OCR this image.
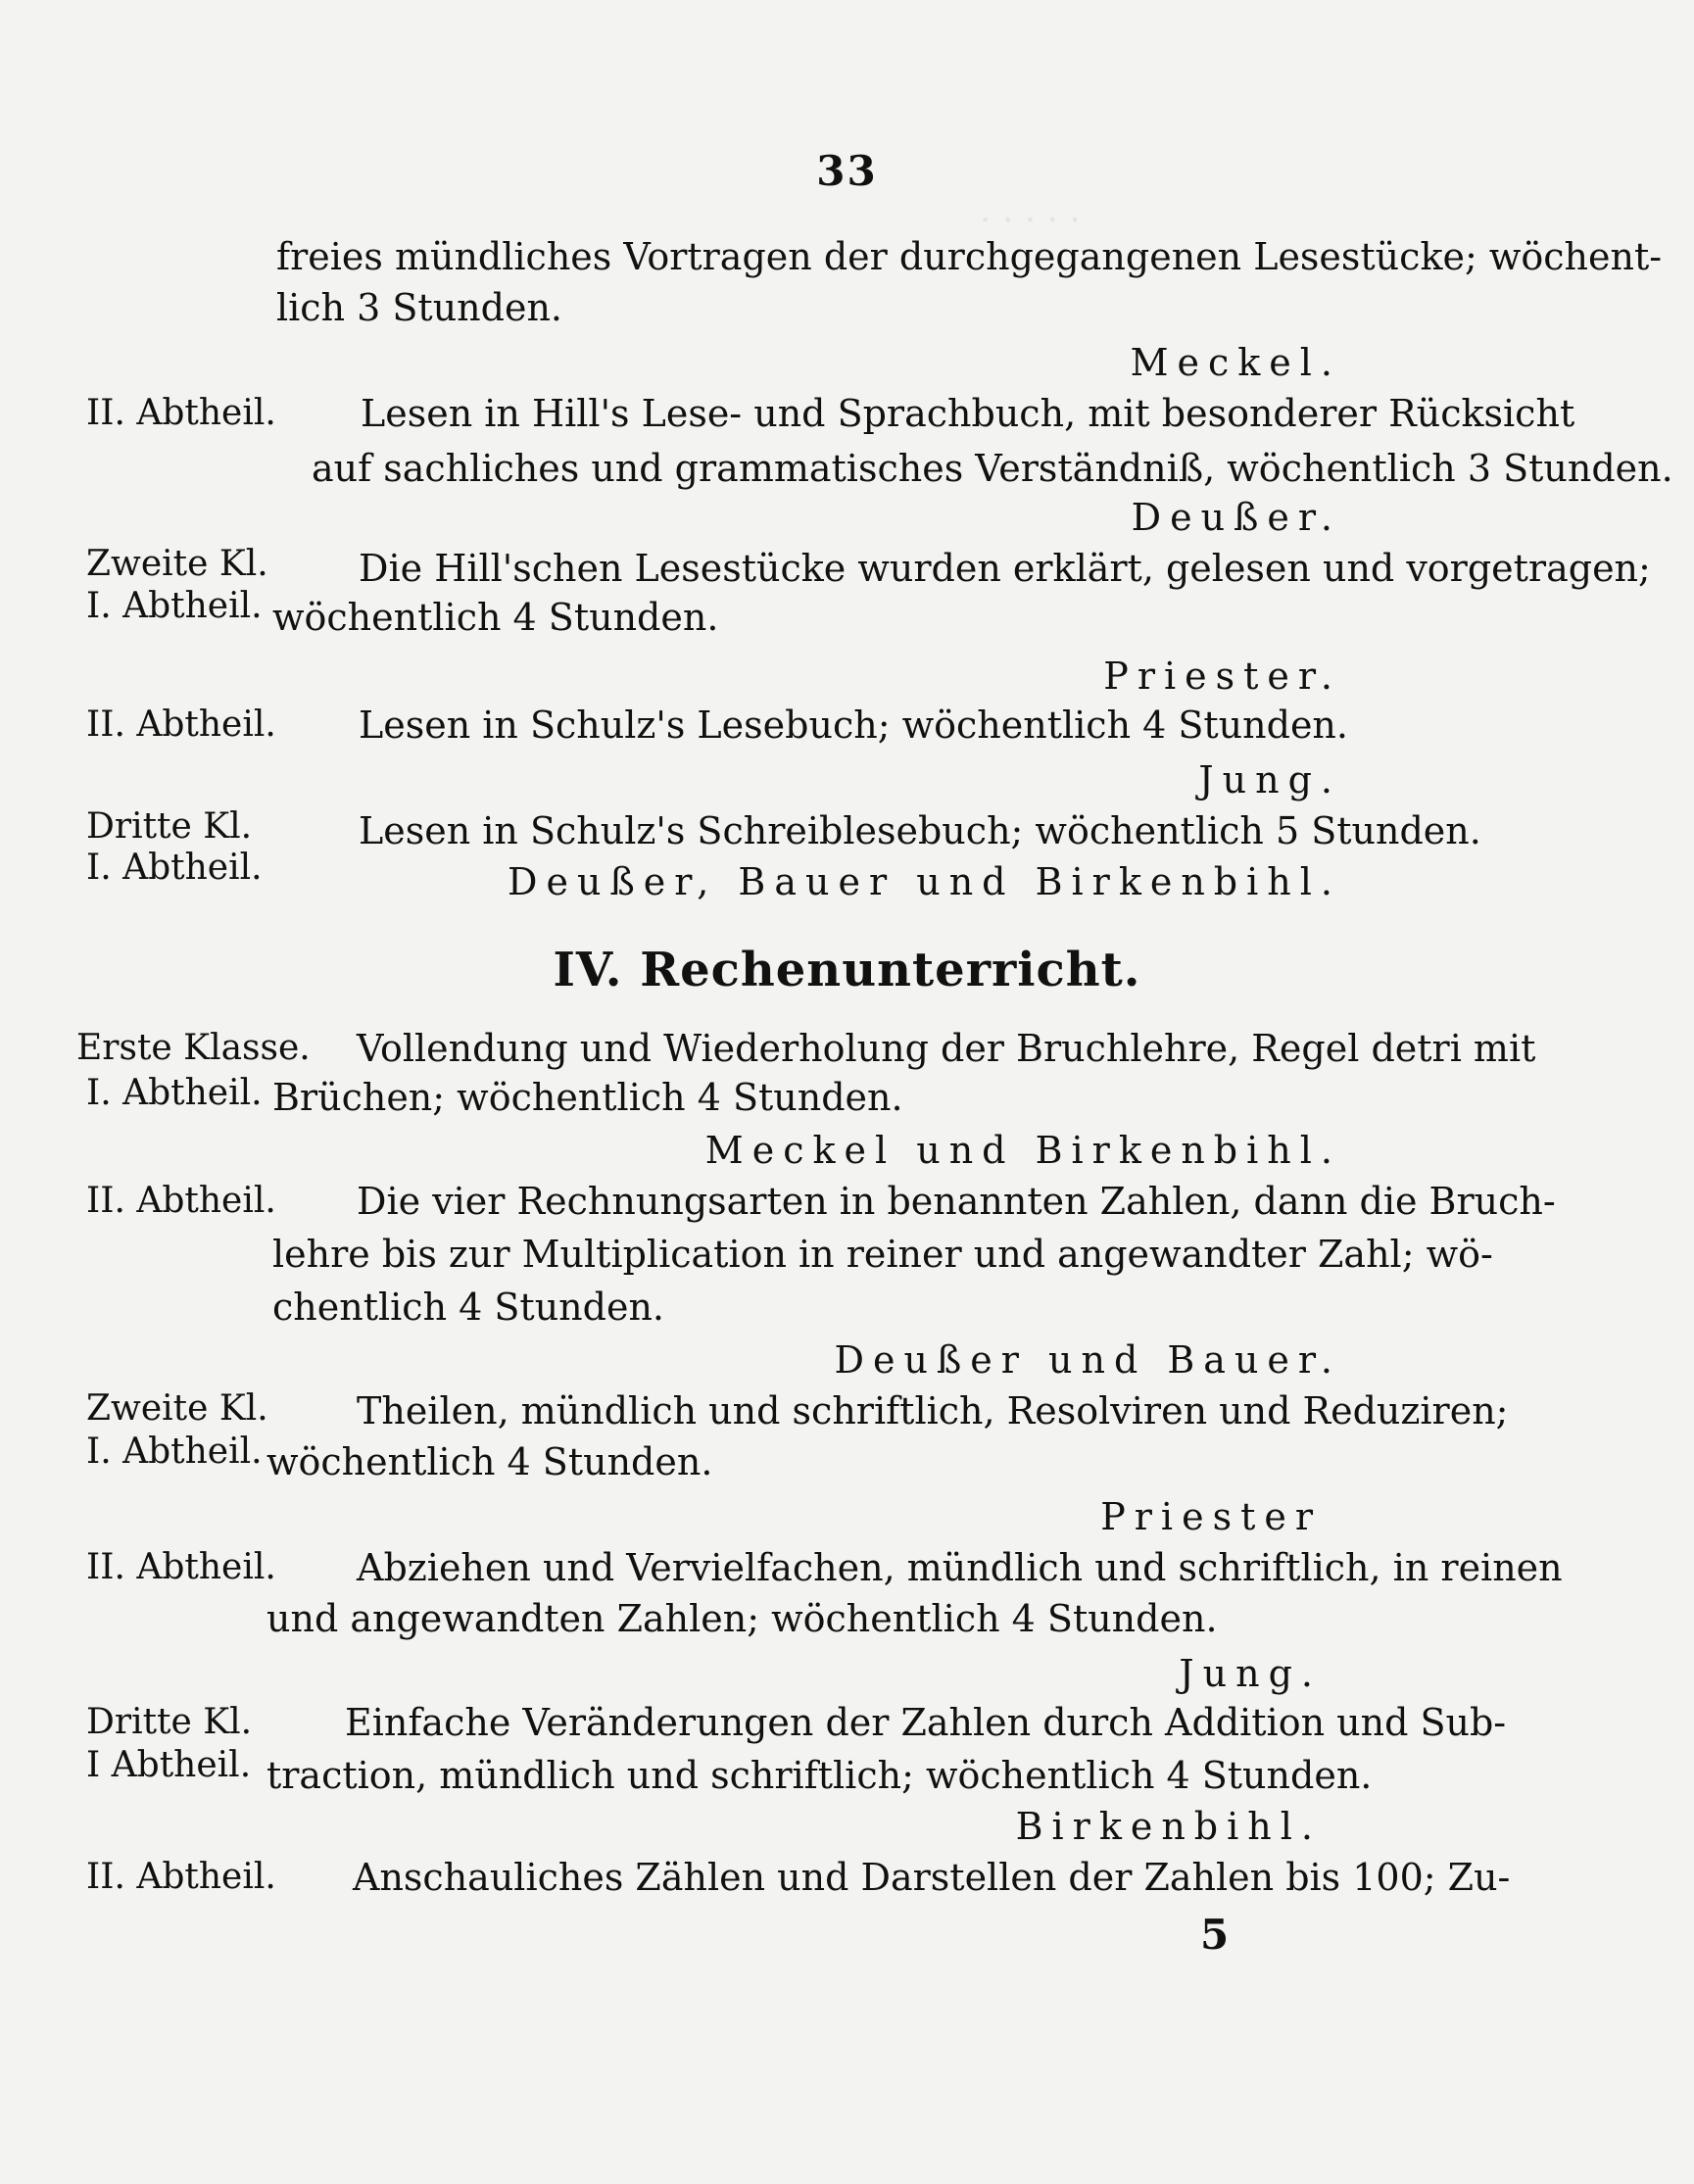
· · · · ·
33
freies mündliches Vortragen der durchgegangenen Lesestücke; wöchent-
lich 3 Stunden.
Meckel.
II. Abtheil. Lesen in Hill's Lese- und Sprachbuch, mit besonderer Rücksicht
auf sachliches und grammatisches Verständniß, wöchentlich 3 Stunden.
Deußer.
Zweite Kl.
I. Abtheil.
Die Hill'schen Lesestücke wurden erklärt, gelesen und vorgetragen;
wöchentlich 4 Stunden.
Priester.
II. Abtheil. Lesen in Schulz's Lesebuch; wöchentlich 4 Stunden.
Jung.
Dritte Kl.
I. Abtheil.
Lesen in Schulz's Schreiblesebuch; wöchentlich 5 Stunden.
Deußer, Bauer und Birkenbihl.
IV. Rechenunterricht.
Erste Klasse.
I. Abtheil.
Vollendung und Wiederholung der Bruchlehre, Regel detri mit
Brüchen; wöchentlich 4 Stunden.
Meckel und Birkenbihl.
II. Abtheil. Die vier Rechnungsarten in benannten Zahlen, dann die Bruch-
lehre bis zur Multiplication in reiner und angewandter Zahl; wö-
chentlich 4 Stunden.
Deußer und Bauer.
Zweite Kl.
I. Abtheil.
Theilen, mündlich und schriftlich, Resolviren und Reduziren;
wöchentlich 4 Stunden.
Priester
II. Abtheil. Abziehen und Vervielfachen, mündlich und schriftlich, in reinen
und angewandten Zahlen; wöchentlich 4 Stunden.
Jung.
Dritte Kl.
I Abtheil.
Einfache Veränderungen der Zahlen durch Addition und Sub-
traction, mündlich und schriftlich; wöchentlich 4 Stunden.
Birkenbihl.
II. Abtheil. Anschauliches Zählen und Darstellen der Zahlen bis 100; Zu-
5
